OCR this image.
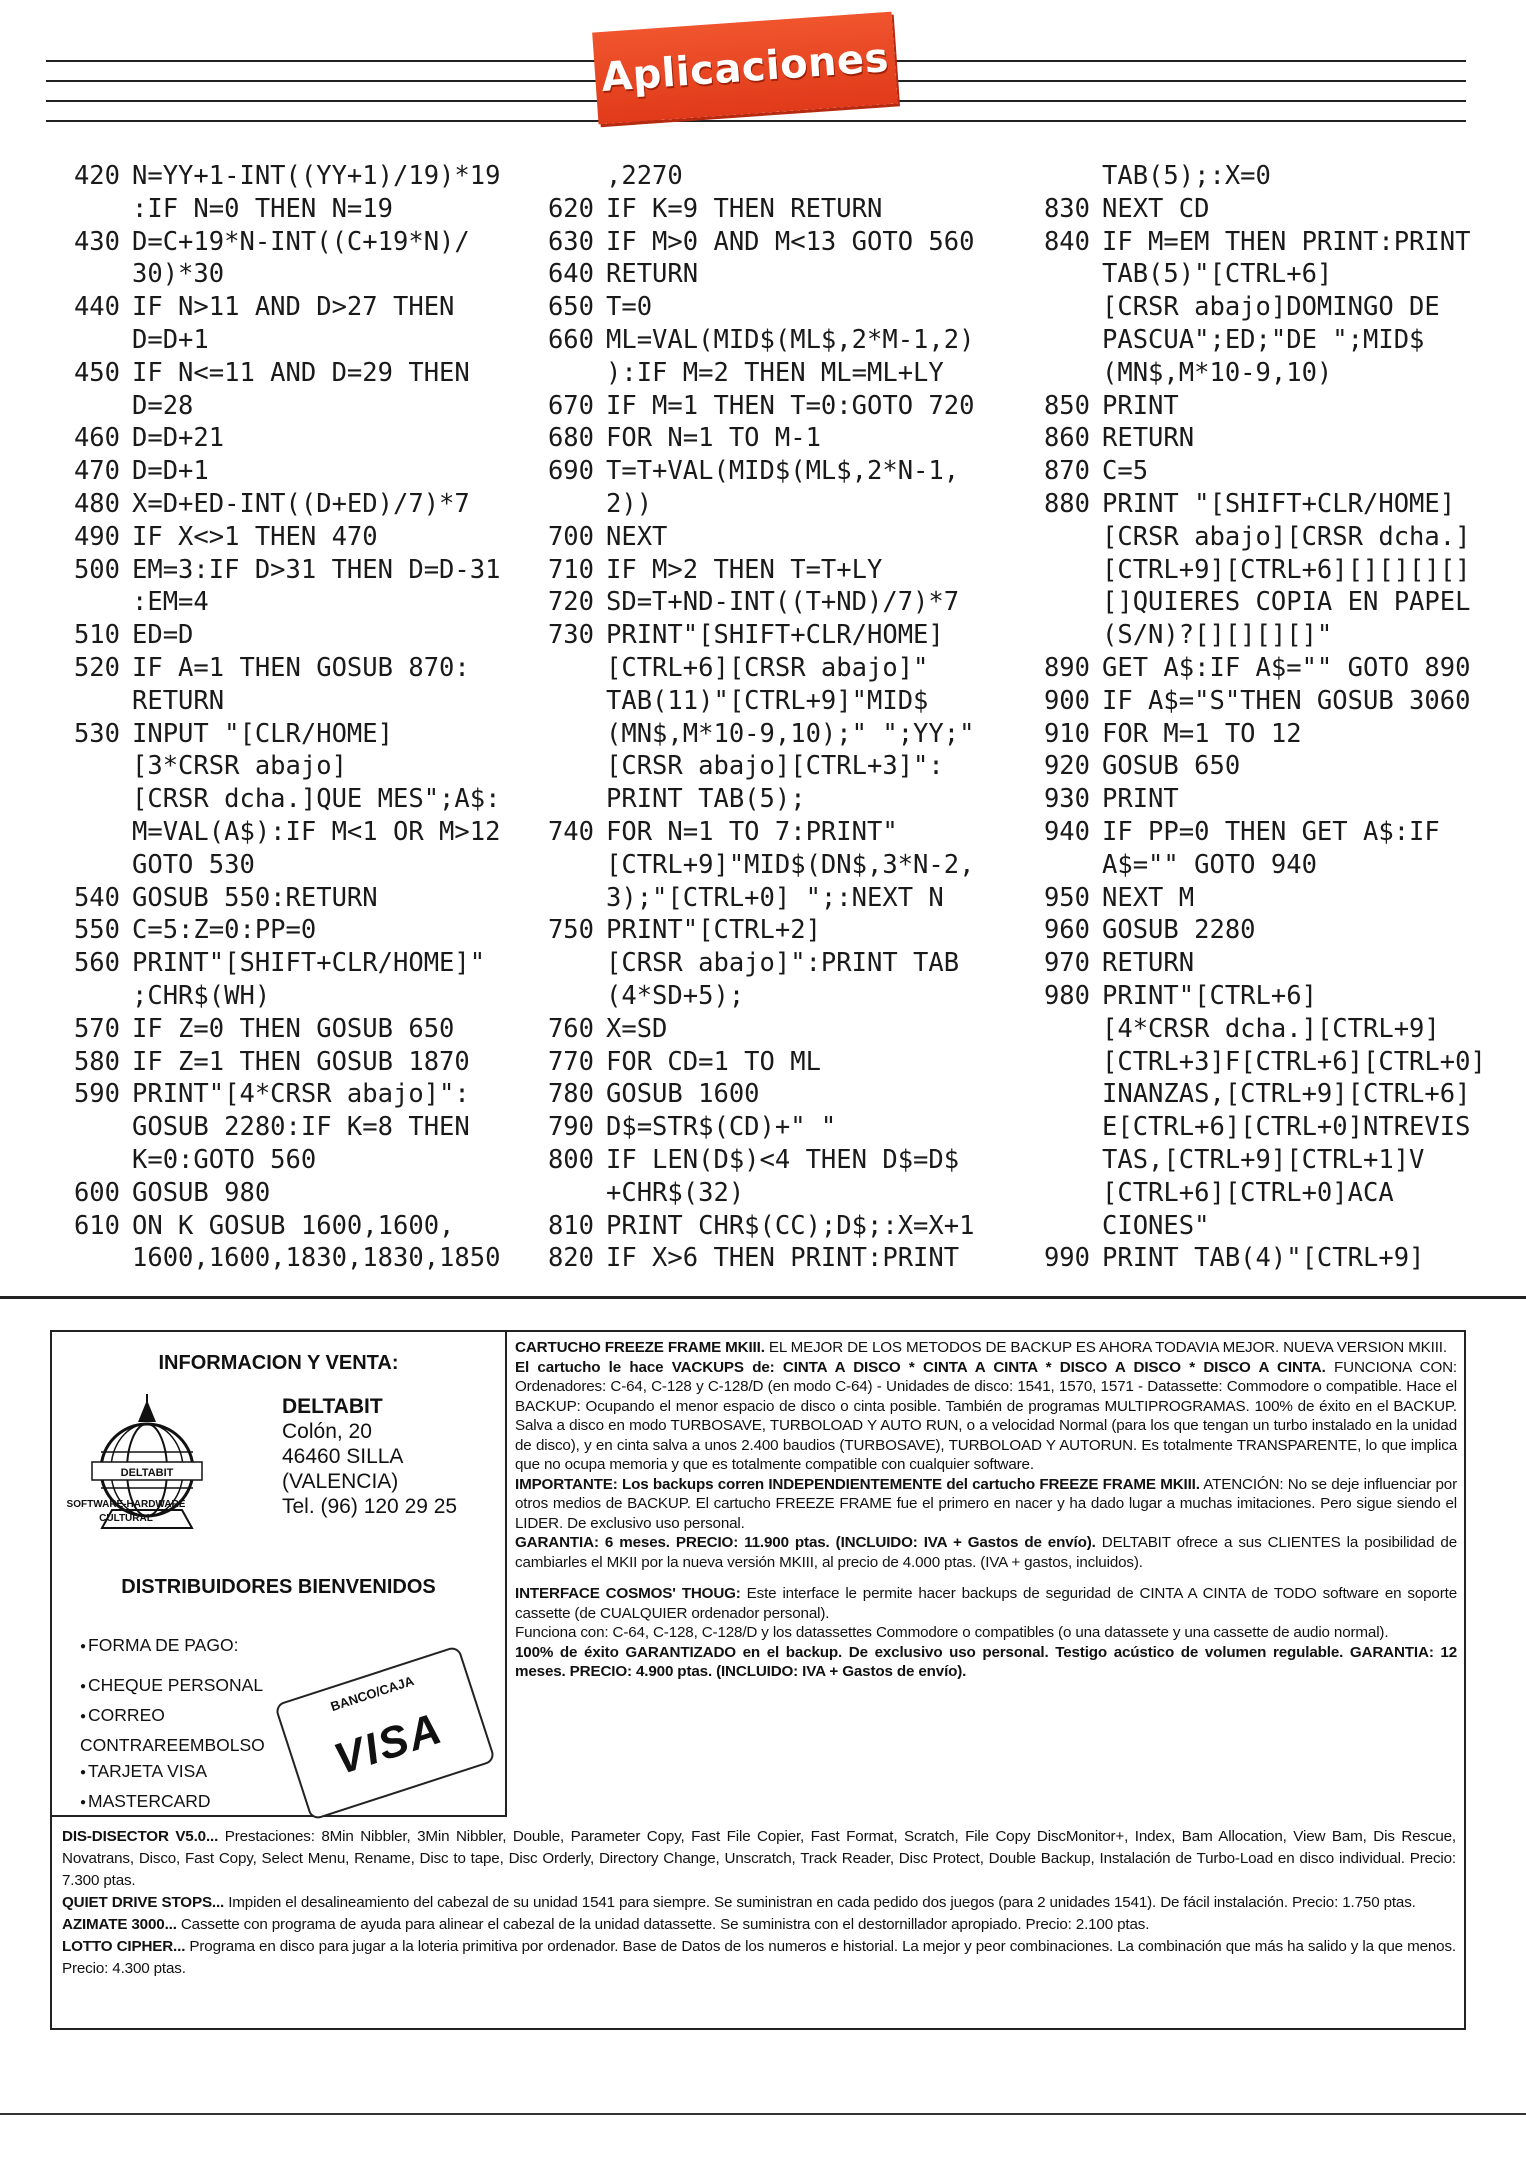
Aplicaciones
420 N=YY+1-INT((YY+1)/19)*19
:IF N=0 THEN N=19
430 D=C+19*N-INT((C+19*N)/
30)*30
440 IF N>11 AND D>27 THEN
D=D+1
450 IF N<=11 AND D=29 THEN
D=28
460 D=D+21
470 D=D+1
480 X=D+ED-INT((D+ED)/7)*7
490 IF X<>1 THEN 470
500 EM=3:IF D>31 THEN D=D-31
:EM=4
510 ED=D
520 IF A=1 THEN GOSUB 870:
RETURN
530 INPUT "[CLR/HOME]
[3*CRSR abajo]
[CRSR dcha.]QUE MES";A$:
M=VAL(A$):IF M<1 OR M>12
GOTO 530
540 GOSUB 550:RETURN
550 C=5:Z=0:PP=0
560 PRINT"[SHIFT+CLR/HOME]"
;CHR$(WH)
570 IF Z=0 THEN GOSUB 650
580 IF Z=1 THEN GOSUB 1870
590 PRINT"[4*CRSR abajo]":
GOSUB 2280:IF K=8 THEN
K=0:GOTO 560
600 GOSUB 980
610 ON K GOSUB 1600,1600,
1600,1600,1830,1830,1850
,2270
620 IF K=9 THEN RETURN
630 IF M>0 AND M<13 GOTO 560
640 RETURN
650 T=0
660 ML=VAL(MID$(ML$,2*M-1,2)
):IF M=2 THEN ML=ML+LY
670 IF M=1 THEN T=0:GOTO 720
680 FOR N=1 TO M-1
690 T=T+VAL(MID$(ML$,2*N-1,
2))
700 NEXT
710 IF M>2 THEN T=T+LY
720 SD=T+ND-INT((T+ND)/7)*7
730 PRINT"[SHIFT+CLR/HOME]
[CTRL+6][CRSR abajo]"
TAB(11)"[CTRL+9]"MID$
(MN$,M*10-9,10);" ";YY;"
[CRSR abajo][CTRL+3]":
PRINT TAB(5);
740 FOR N=1 TO 7:PRINT"
[CTRL+9]"MID$(DN$,3*N-2,
3);"[CTRL+0] ";:NEXT N
750 PRINT"[CTRL+2]
[CRSR abajo]":PRINT TAB
(4*SD+5);
760 X=SD
770 FOR CD=1 TO ML
780 GOSUB 1600
790 D$=STR$(CD)+" "
800 IF LEN(D$)<4 THEN D$=D$
+CHR$(32)
810 PRINT CHR$(CC);D$;:X=X+1
820 IF X>6 THEN PRINT:PRINT
TAB(5);:X=0
830 NEXT CD
840 IF M=EM THEN PRINT:PRINT
TAB(5)"[CTRL+6]
[CRSR abajo]DOMINGO DE
PASCUA";ED;"DE ";MID$
(MN$,M*10-9,10)
850 PRINT
860 RETURN
870 C=5
880 PRINT "[SHIFT+CLR/HOME]
[CRSR abajo][CRSR dcha.]
[CTRL+9][CTRL+6][][][][]
[]QUIERES COPIA EN PAPEL
(S/N)?[][][][]"
890 GET A$:IF A$="" GOTO 890
900 IF A$="S"THEN GOSUB 3060
910 FOR M=1 TO 12
920 GOSUB 650
930 PRINT
940 IF PP=0 THEN GET A$:IF
A$="" GOTO 940
950 NEXT M
960 GOSUB 2280
970 RETURN
980 PRINT"[CTRL+6]
[4*CRSR dcha.][CTRL+9]
[CTRL+3]F[CTRL+6][CTRL+0]
INANZAS,[CTRL+9][CTRL+6]
E[CTRL+6][CTRL+0]NTREVIS
TAS,[CTRL+9][CTRL+1]V
[CTRL+6][CTRL+0]ACA
CIONES"
990 PRINT TAB(4)"[CTRL+9]
INFORMACION Y VENTA:
DELTABIT
SOFTWARE-HARDWARE
CULTURAL
DELTABIT
Colón, 20
46460 SILLA
(VALENCIA)
Tel. (96) 120 29 25
DISTRIBUIDORES BIENVENIDOS
● FORMA DE PAGO:
● CHEQUE PERSONAL
● CORREO
CONTRAREEMBOLSO
● TARJETA VISA
● MASTERCARD
BANCO/CAJA
VISA

CARTUCHO FREEZE FRAME MKIII. EL MEJOR DE LOS METODOS DE BACKUP ES AHORA TODAVIA MEJOR. NUEVA VERSION MKIII.

El cartucho le hace VACKUPS de: CINTA A DISCO * CINTA A CINTA * DISCO A DISCO * DISCO A CINTA. FUNCIONA CON: Ordenadores: C-64, C-128 y C-128/D (en modo C-64) - Unidades de disco: 1541, 1570, 1571 - Datassette: Commodore o compatible. Hace el BACKUP: Ocupando el menor espacio de disco o cinta posible. También de programas MULTIPROGRAMAS. 100% de éxito en el BACKUP. Salva a disco en modo TURBOSAVE, TURBOLOAD Y AUTO RUN, o a velocidad Normal (para los que tengan un turbo instalado en la unidad de disco), y en cinta salva a unos 2.400 baudios (TURBOSAVE), TURBOLOAD Y AUTORUN. Es totalmente TRANSPARENTE, lo que implica que no ocupa memoria y que es totalmente compatible con cualquier software.

IMPORTANTE: Los backups corren INDEPENDIENTEMENTE del cartucho FREEZE FRAME MKIII. ATENCIÓN: No se deje influenciar por otros medios de BACKUP. El cartucho FREEZE FRAME fue el primero en nacer y ha dado lugar a muchas imitaciones. Pero sigue siendo el LIDER. De exclusivo uso personal.

GARANTIA: 6 meses. PRECIO: 11.900 ptas. (INCLUIDO: IVA + Gastos de envío). DELTABIT ofrece a sus CLIENTES la posibilidad de cambiarles el MKII por la nueva versión MKIII, al precio de 4.000 ptas. (IVA + gastos, incluidos).

INTERFACE COSMOS' THOUG: Este interface le permite hacer backups de seguridad de CINTA A CINTA de TODO software en soporte cassette (de CUALQUIER ordenador personal).

Funciona con: C-64, C-128, C-128/D y los datassettes Commodore o compatibles (o una datassete y una cassette de audio normal).

100% de éxito GARANTIZADO en el backup. De exclusivo uso personal. Testigo acústico de volumen regulable. GARANTIA: 12 meses. PRECIO: 4.900 ptas. (INCLUIDO: IVA + Gastos de envío).

DIS-DISECTOR V5.0... Prestaciones: 8Min Nibbler, 3Min Nibbler, Double, Parameter Copy, Fast File Copier, Fast Format, Scratch, File Copy DiscMonitor+, Index, Bam Allocation, View Bam, Dis Rescue, Novatrans, Disco, Fast Copy, Select Menu, Rename, Disc to tape, Disc Orderly, Directory Change, Unscratch, Track Reader, Disc Protect, Double Backup, Instalación de Turbo-Load en disco individual. Precio: 7.300 ptas.

QUIET DRIVE STOPS... Impiden el desalineamiento del cabezal de su unidad 1541 para siempre. Se suministran en cada pedido dos juegos (para 2 unidades 1541). De fácil instalación. Precio: 1.750 ptas.

AZIMATE 3000... Cassette con programa de ayuda para alinear el cabezal de la unidad datassette. Se suministra con el destornillador apropiado. Precio: 2.100 ptas.

LOTTO CIPHER... Programa en disco para jugar a la loteria primitiva por ordenador. Base de Datos de los numeros e historial. La mejor y peor combinaciones. La combinación que más ha salido y la que menos. Precio: 4.300 ptas.
